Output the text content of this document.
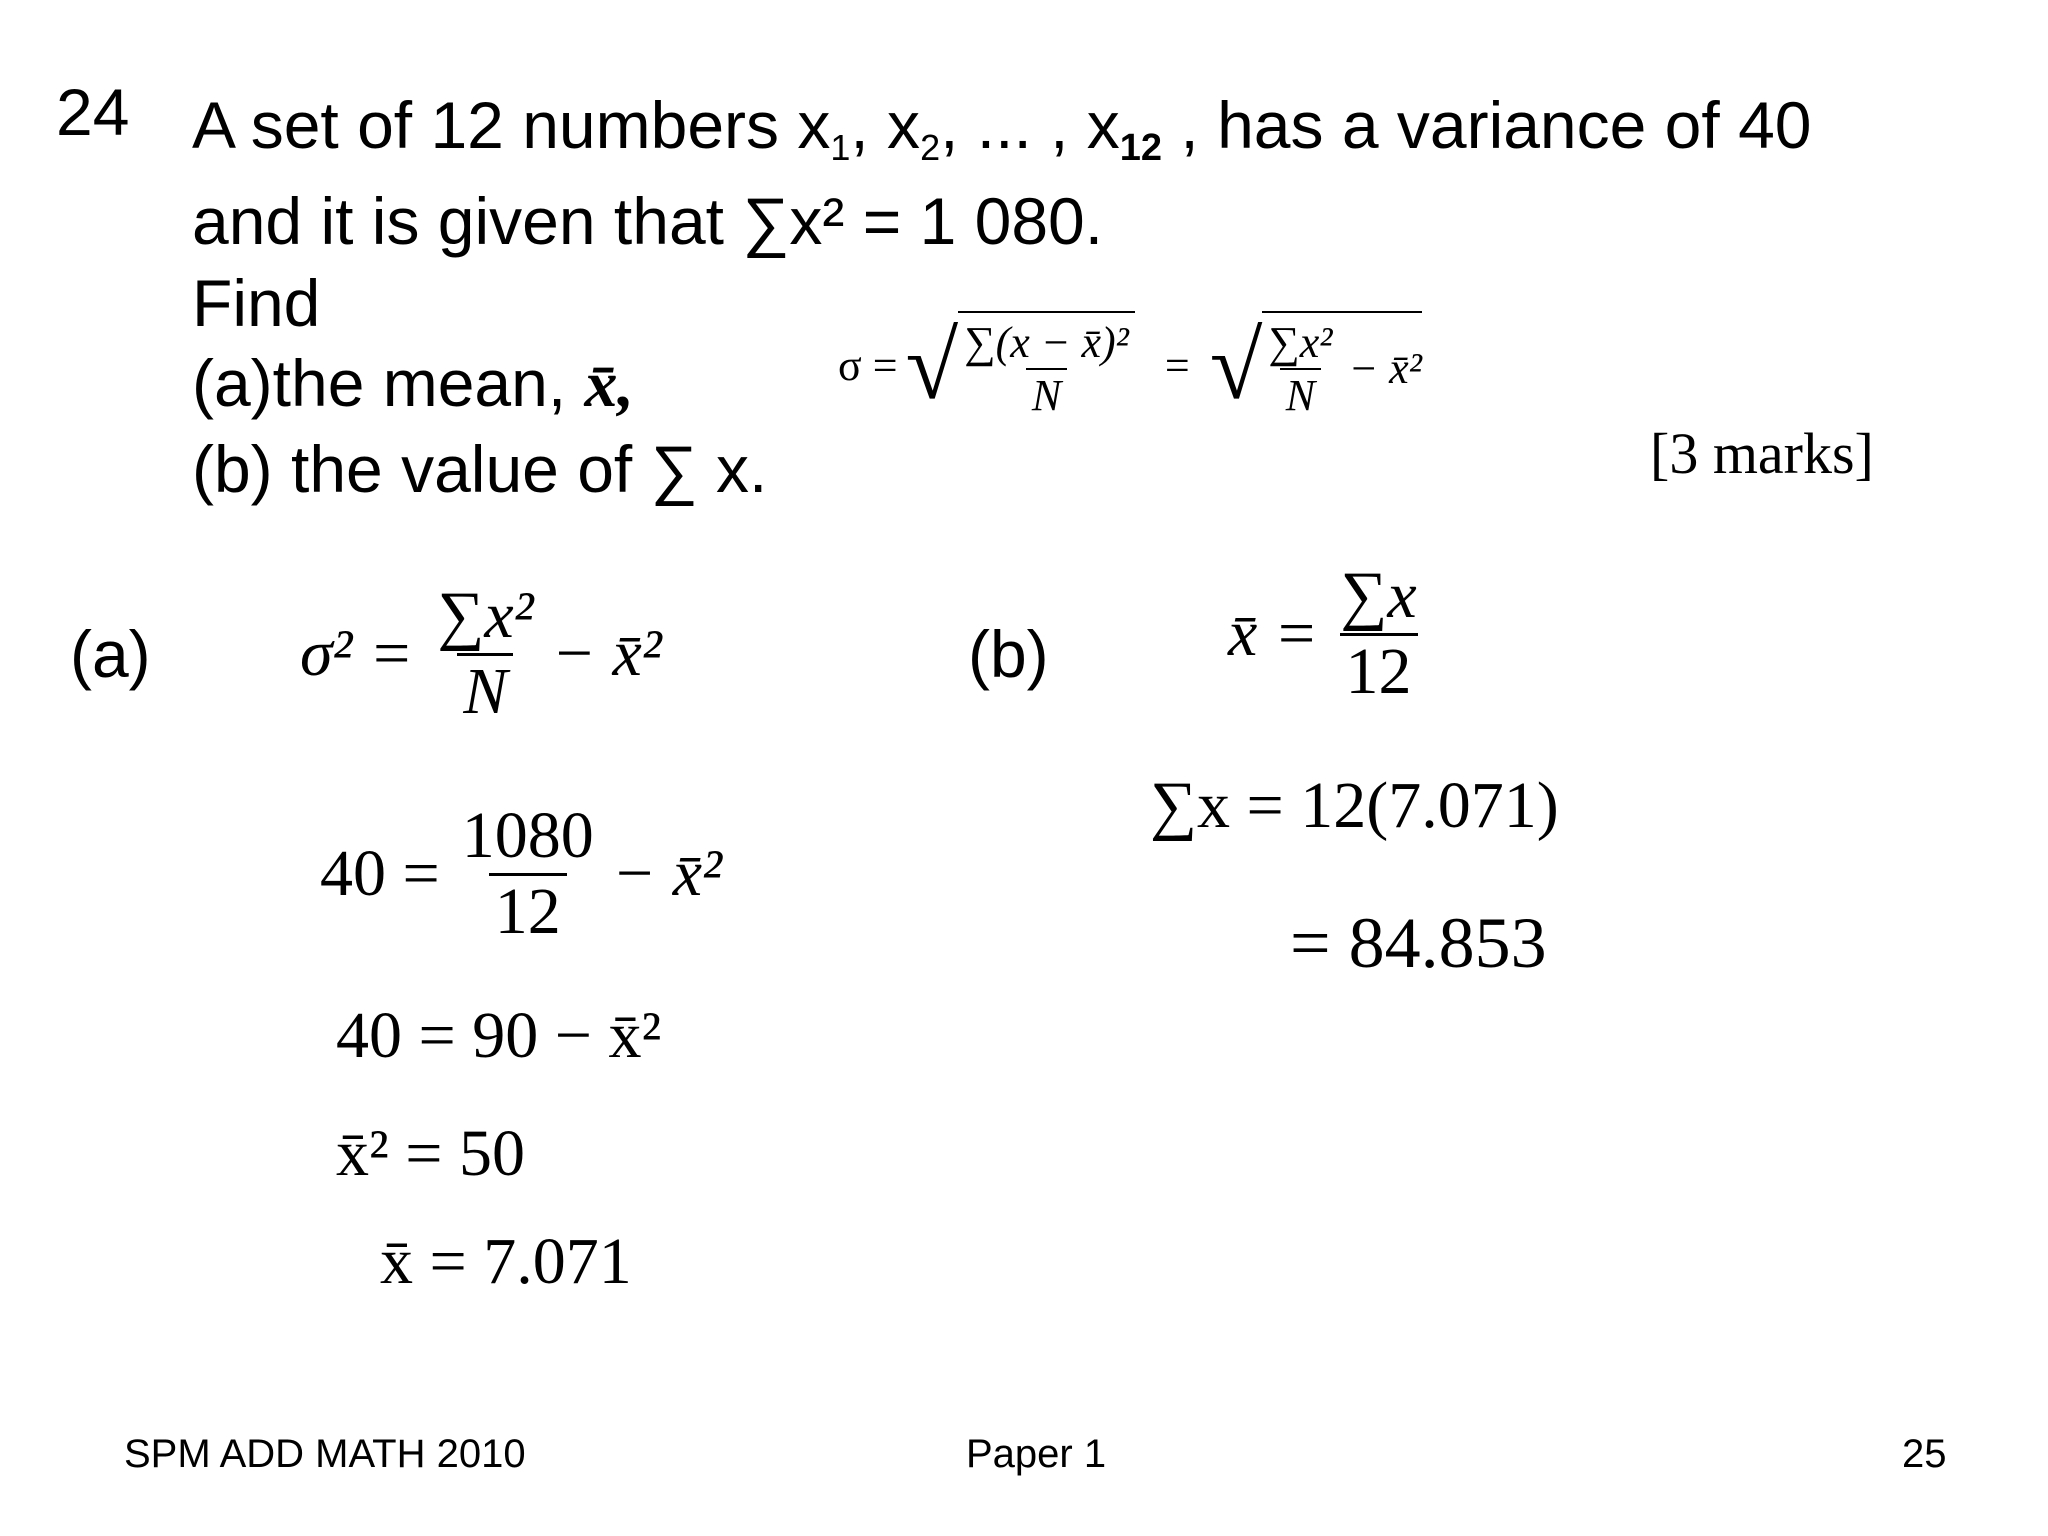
24 A set of 12 numbers $x_1$, $x_2$, ... , $x_{12}$ , has a variance of 40
and it is given that ∑x² = 1 080.
Find
(a)the mean, x̄,
(b) the value of ∑ x.
σ = √ $\frac{\text{∑(x − x̄)²}}{N}$ = √ $\frac{\text{∑x²}}{N}$ − x̄²
[3 marks]
(a) $\sigma^2 = \frac{\text{∑x²}}{N}$ − x̄²
$40 = \frac{1080}{12}$ − x̄²
40 = 90 − x̄²
x̄² = 50
x̄ = 7.071
(b)	x̄ = $\frac{\sum x}{12}$
∑x = 12(7.071)
= 84.853
SPM ADD MATH 2010	Paper 1	25
